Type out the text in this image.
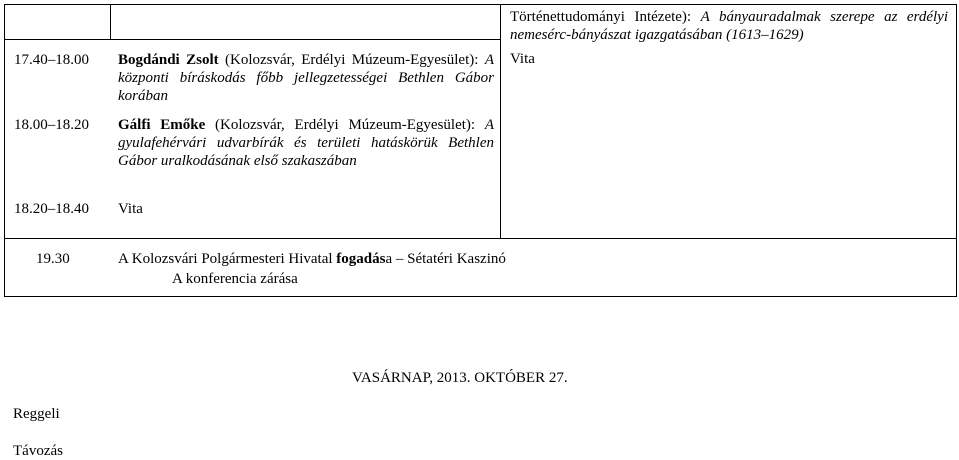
Történettudományi Intézete): A bányauradalmak szerepe az erdélyi nemesérc-bányászat igazgatásában (1613–1629)
Vita
17.40–18.00 Bogdándi Zsolt (Kolozsvár, Erdélyi Múzeum-Egyesület): A központi bíráskodás főbb jellegzetességei Bethlen Gábor korában
18.00–18.20 Gálfi Emőke (Kolozsvár, Erdélyi Múzeum-Egyesület): A gyulafehérvári udvarbírák és területi hatáskörük Bethlen Gábor uralkodásának első szakaszában
18.20–18.40 Vita
19.30	A Kolozsvári Polgármesteri Hivatal fogadása – Sétatéri Kaszinó
A konferencia zárása
VASÁRNAP, 2013. OKTÓBER 27.
Reggeli
Távozás
